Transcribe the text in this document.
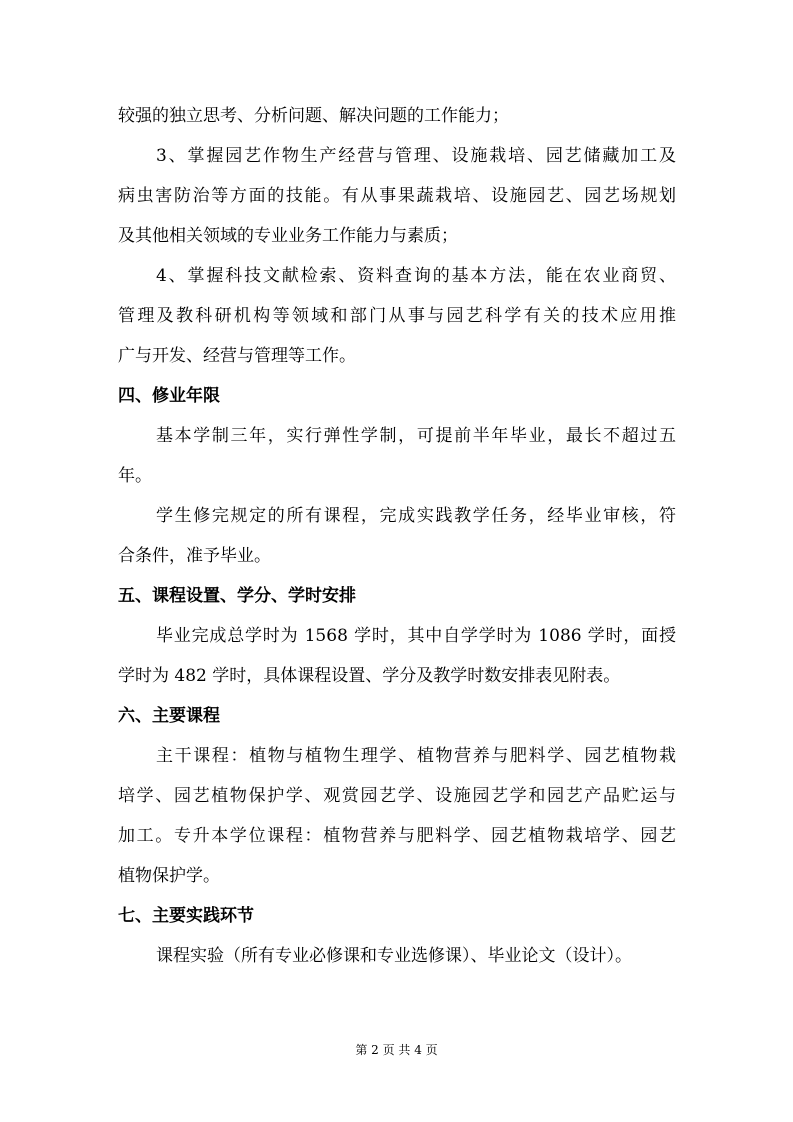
较强的独立思考、分析问题、解决问题的工作能力；

3、掌握园艺作物生产经营与管理、设施栽培、园艺储藏加工及

病虫害防治等方面的技能。有从事果蔬栽培、设施园艺、园艺场规划

及其他相关领域的专业业务工作能力与素质；

4、掌握科技文献检索、资料查询的基本方法，能在农业商贸、

管理及教科研机构等领域和部门从事与园艺科学有关的技术应用推

广与开发、经营与管理等工作。

四、修业年限

基本学制三年，实行弹性学制，可提前半年毕业，最长不超过五

年。

学生修完规定的所有课程，完成实践教学任务，经毕业审核，符

合条件，准予毕业。

五、课程设置、学分、学时安排

毕业完成总学时为 1568 学时，其中自学学时为 1086 学时，面授

学时为 482 学时，具体课程设置、学分及教学时数安排表见附表。

六、主要课程

主干课程：植物与植物生理学、植物营养与肥料学、园艺植物栽

培学、园艺植物保护学、观赏园艺学、设施园艺学和园艺产品贮运与

加工。专升本学位课程：植物营养与肥料学、园艺植物栽培学、园艺

植物保护学。

七、主要实践环节

课程实验（所有专业必修课和专业选修课）、毕业论文（设计）。

第 2 页 共 4 页
